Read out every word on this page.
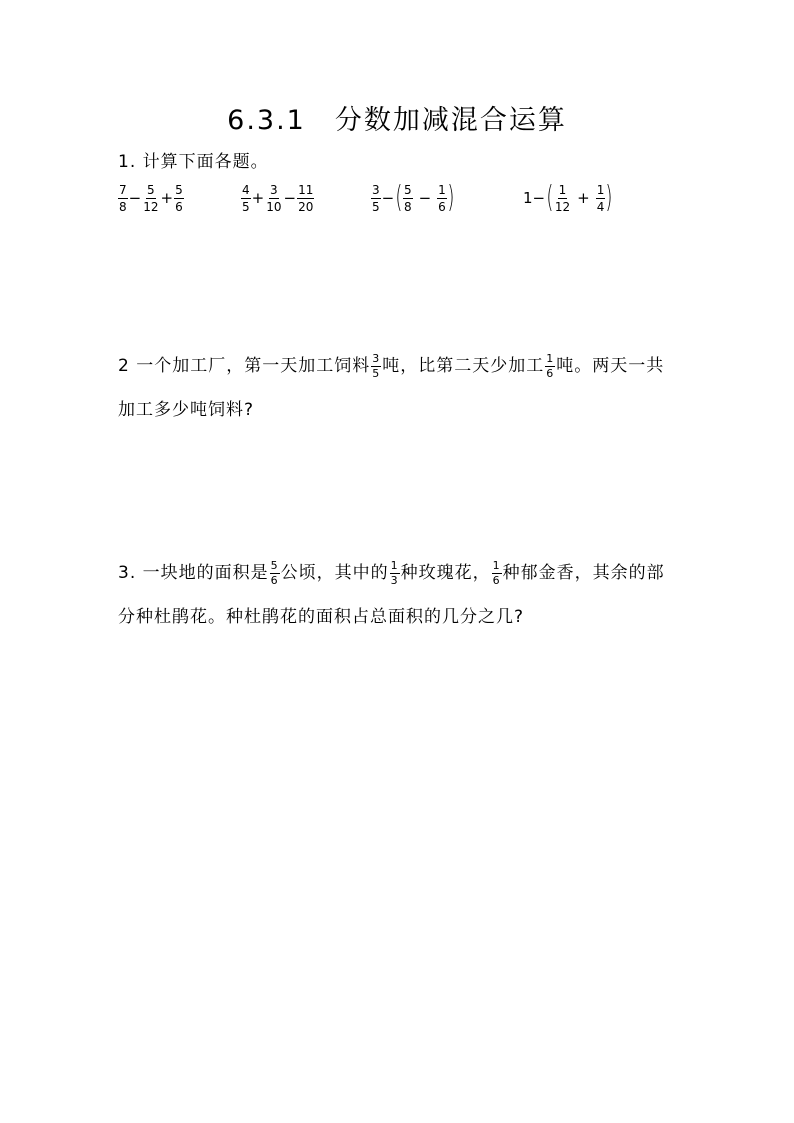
6.3.1　分数加减混合运算
1. 计算下面各题。
$\frac{7}{8} - \frac{5}{12} + \frac{5}{6}$	$\frac{4}{5} + \frac{3}{10} - \frac{11}{20}$	$\frac{3}{5}$ − ( $\frac{5}{8} - \frac{1}{6}$ )	1− ( $\frac{1}{12} + \frac{1}{4}$ )
2 一个加工厂，第一天加工饲料 $\frac{3}{5}$ 吨，比第二天少加工 $\frac{1}{6}$ 吨。两天一共加工多少吨饲料?
3. 一块地的面积是 $\frac{5}{6}$ 公顷，其中的 $\frac{1}{3}$ 种玫瑰花， $\frac{1}{6}$ 种郁金香，其余的部分种杜鹃花。种杜鹃花的面积占总面积的几分之几?
